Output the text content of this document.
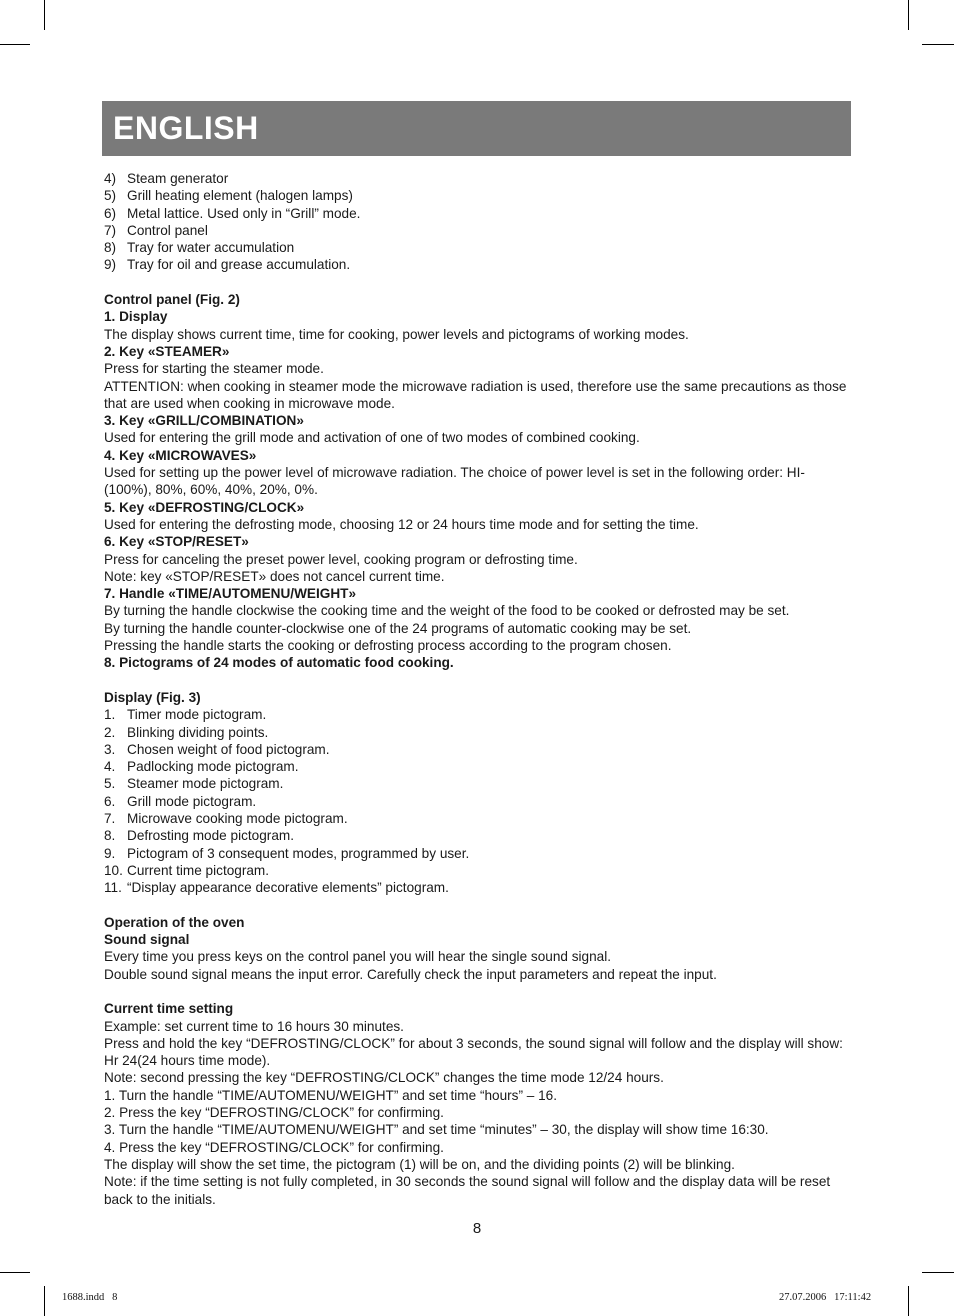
ENGLISH
4) Steam generator
5) Grill heating element (halogen lamps)
6) Metal lattice. Used only in “Grill” mode.
7) Control panel
8) Tray for water accumulation
9) Tray for oil and grease accumulation.

Control panel (Fig. 2)

1. Display

The display shows current time, time for cooking, power levels and pictograms of working modes.

2. Key «STEAMER»

Press for starting the steamer mode.

ATTENTION: when cooking in steamer mode the microwave radiation is used, therefore use the same precautions as those that are used when cooking in microwave mode.

3. Key «GRILL/COMBINATION»

Used for entering the grill mode and activation of one of two modes of combined cooking.

4. Key «MICROWAVES»

Used for setting up the power level of microwave radiation. The choice of power level is set in the following order: HI-(100%), 80%, 60%, 40%, 20%, 0%.

5. Key «DEFROSTING/CLOCK»

Used for entering the defrosting mode, choosing 12 or 24 hours time mode and for setting the time.

6. Key «STOP/RESET»

Press for canceling the preset power level, cooking program or defrosting time.

Note: key «STOP/RESET» does not cancel current time.

7. Handle «TIME/AUTOMENU/WEIGHT»

By turning the handle clockwise the cooking time and the weight of the food to be cooked or defrosted may be set.

By turning the handle counter-clockwise one of the 24 programs of automatic cooking may be set.

Pressing the handle starts the cooking or defrosting process according to the program chosen.

8. Pictograms of 24 modes of automatic food cooking.

Display (Fig. 3)

1. Timer mode pictogram.
2. Blinking dividing points.
3. Chosen weight of food pictogram.
4. Padlocking mode pictogram.
5. Steamer mode pictogram.
6. Grill mode pictogram.
7. Microwave cooking mode pictogram.
8. Defrosting mode pictogram.
9. Pictogram of 3 consequent modes, programmed by user.
10. Current time pictogram.
11. “Display appearance decorative elements” pictogram.

Operation of the oven

Sound signal

Every time you press keys on the control panel you will hear the single sound signal.

Double sound signal means the input error. Carefully check the input parameters and repeat the input.

Current time setting

Example: set current time to 16 hours 30 minutes.

Press and hold the key “DEFROSTING/CLOCK” for about 3 seconds, the sound signal will follow and the display will show: Hr 24(24 hours time mode).

Note: second pressing the key “DEFROSTING/CLOCK” changes the time mode 12/24 hours.

1. Turn the handle “TIME/AUTOMENU/WEIGHT” and set time “hours” – 16.

2. Press the key “DEFROSTING/CLOCK” for confirming.

3. Turn the handle “TIME/AUTOMENU/WEIGHT” and set time “minutes” – 30, the display will show time 16:30.

4. Press the key “DEFROSTING/CLOCK” for confirming.

The display will show the set time, the pictogram (1) will be on, and the dividing points (2) will be blinking.

Note: if the time setting is not fully completed, in 30 seconds the sound signal will follow and the display data will be reset back to the initials.

8
1688.indd   8	27.07.2006   17:11:42
